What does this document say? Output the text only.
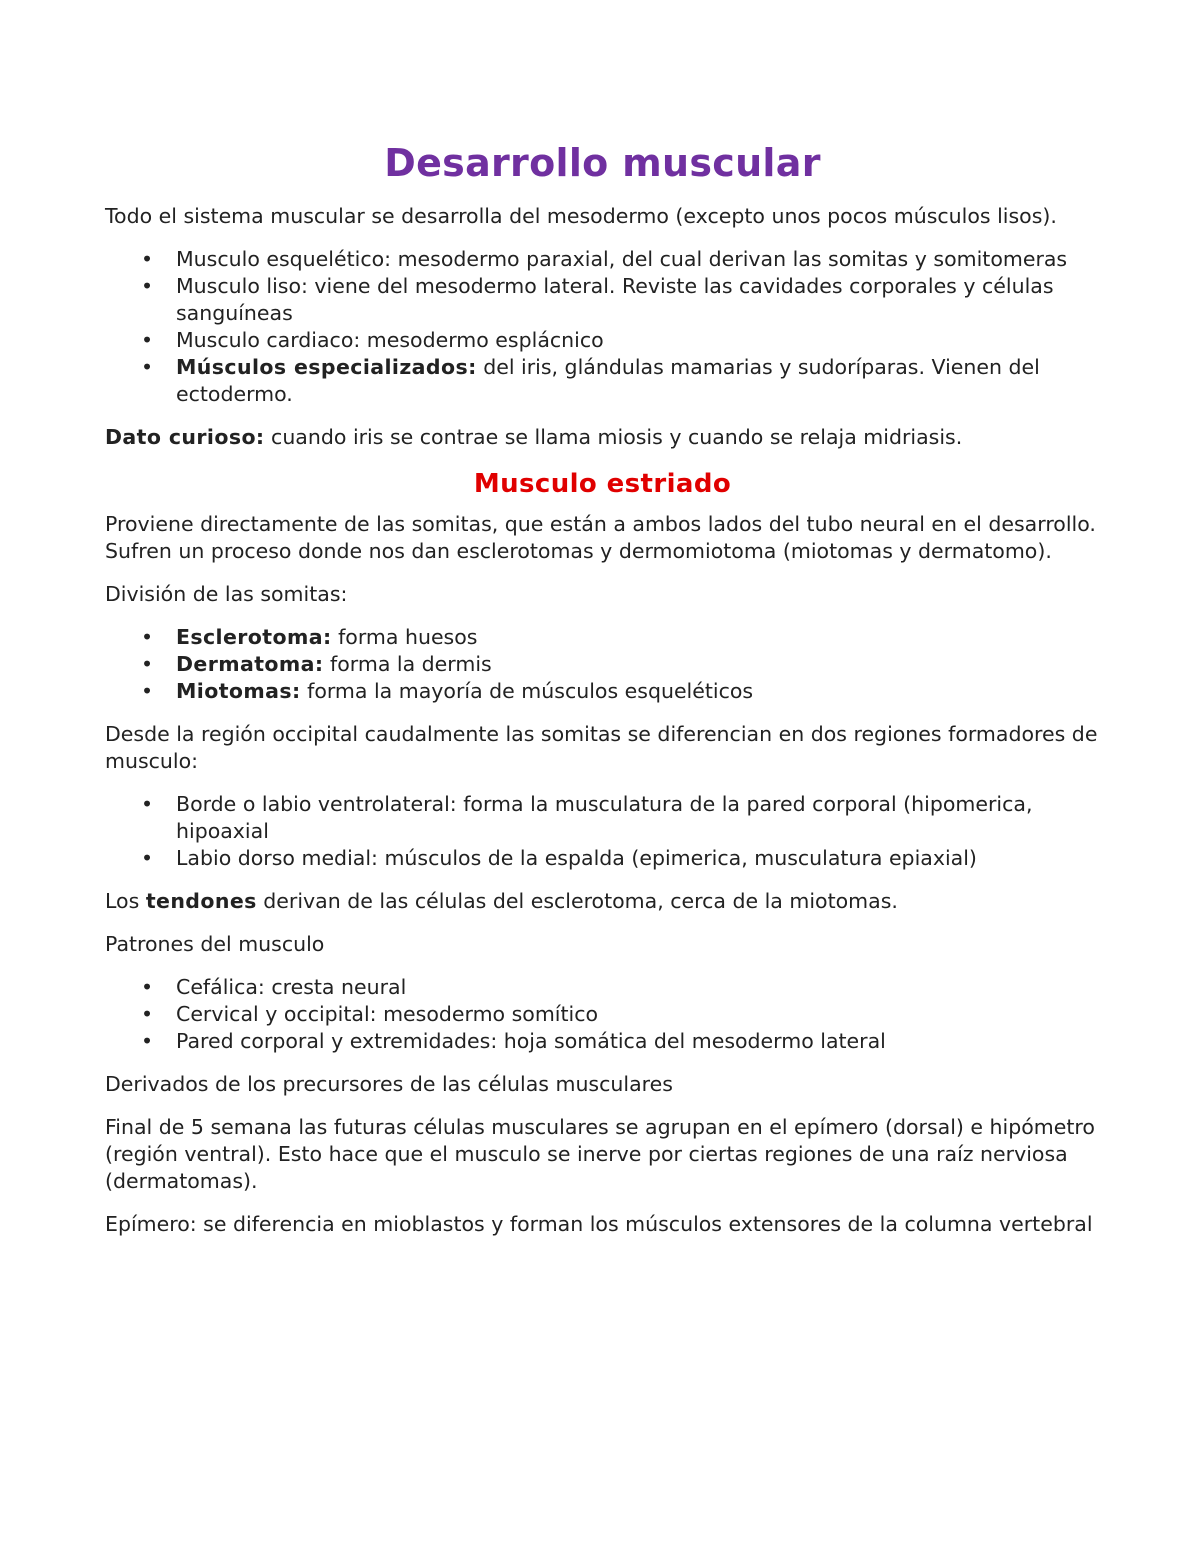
Desarrollo muscular

Todo el sistema muscular se desarrolla del mesodermo (excepto unos pocos músculos lisos).

•	Musculo esquelético: mesodermo paraxial, del cual derivan las somitas y somitomeras
•	Musculo liso: viene del mesodermo lateral. Reviste las cavidades corporales y células sanguíneas
•	Musculo cardiaco: mesodermo esplácnico
•	Músculos especializados: del iris, glándulas mamarias y sudoríparas. Vienen del ectodermo.

Dato curioso: cuando iris se contrae se llama miosis y cuando se relaja midriasis.

Musculo estriado

Proviene directamente de las somitas, que están a ambos lados del tubo neural en el desarrollo. Sufren un proceso donde nos dan esclerotomas y dermomiotoma (miotomas y dermatomo).

División de las somitas:

•	Esclerotoma: forma huesos
•	Dermatoma: forma la dermis
•	Miotomas: forma la mayoría de músculos esqueléticos

Desde la región occipital caudalmente las somitas se diferencian en dos regiones formadores de musculo:

•	Borde o labio ventrolateral: forma la musculatura de la pared corporal (hipomerica, hipoaxial
•	Labio dorso medial: músculos de la espalda (epimerica, musculatura epiaxial)

Los tendones derivan de las células del esclerotoma, cerca de la miotomas.

Patrones del musculo

•	Cefálica: cresta neural
•	Cervical y occipital: mesodermo somítico
•	Pared corporal y extremidades: hoja somática del mesodermo lateral

Derivados de los precursores de las células musculares

Final de 5 semana las futuras células musculares se agrupan en el epímero (dorsal) e hipómetro (región ventral). Esto hace que el musculo se inerve por ciertas regiones de una raíz nerviosa (dermatomas).

Epímero: se diferencia en mioblastos y forman los músculos extensores de la columna vertebral
